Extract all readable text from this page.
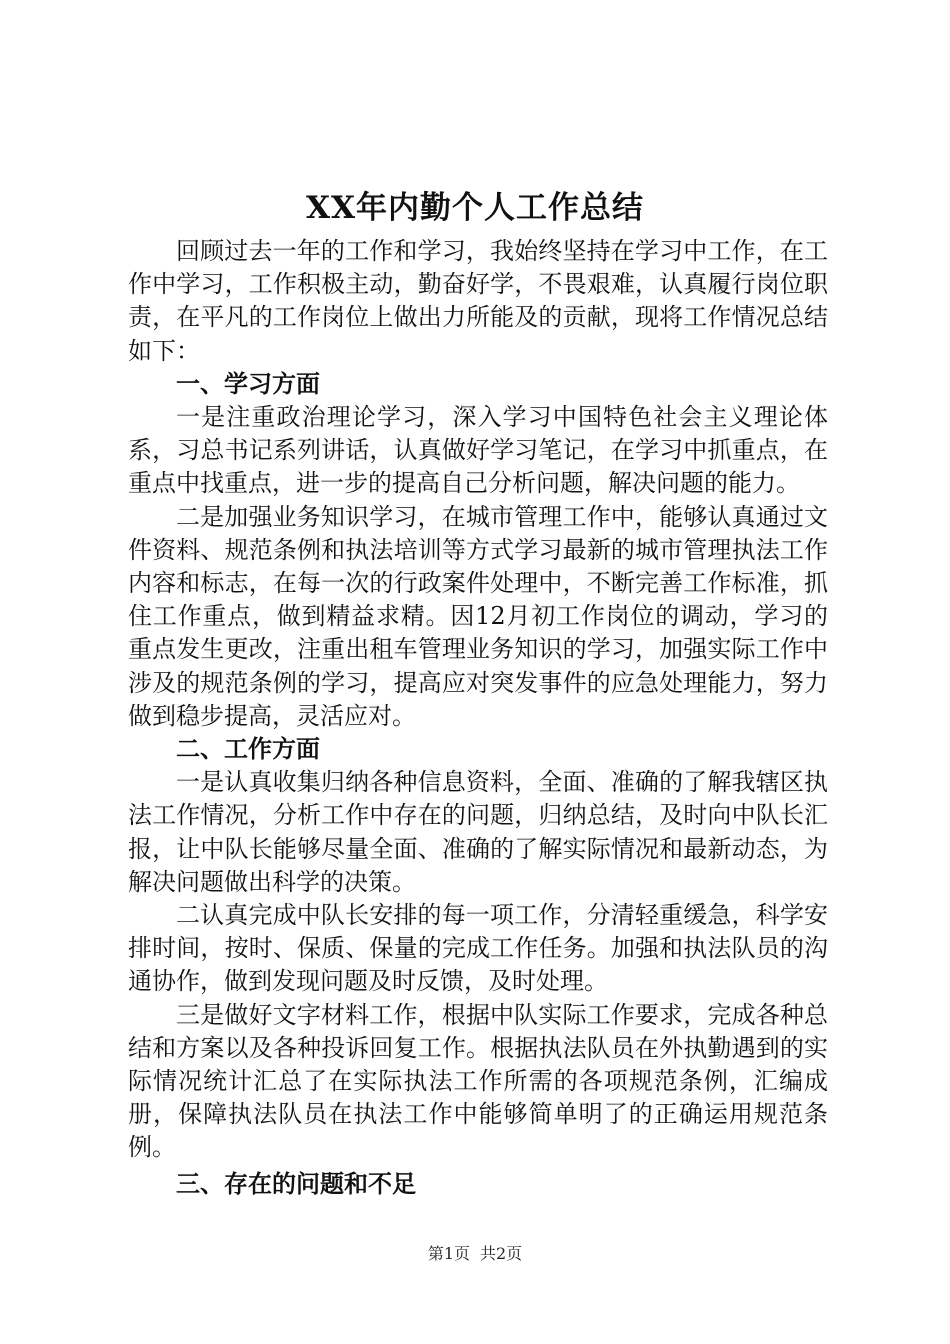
XX年内勤个人工作总结

回顾过去一年的工作和学习，我始终坚持在学习中工作，在工作中学习，工作积极主动，勤奋好学，不畏艰难，认真履行岗位职责，在平凡的工作岗位上做出力所能及的贡献，现将工作情况总结如下：

一、学习方面

一是注重政治理论学习，深入学习中国特色社会主义理论体系，习总书记系列讲话，认真做好学习笔记，在学习中抓重点，在重点中找重点，进一步的提高自己分析问题，解决问题的能力。

二是加强业务知识学习，在城市管理工作中，能够认真通过文件资料、规范条例和执法培训等方式学习最新的城市管理执法工作内容和标志，在每一次的行政案件处理中，不断完善工作标准，抓住工作重点，做到精益求精。因12月初工作岗位的调动，学习的重点发生更改，注重出租车管理业务知识的学习，加强实际工作中涉及的规范条例的学习，提高应对突发事件的应急处理能力，努力做到稳步提高，灵活应对。

二、工作方面

一是认真收集归纳各种信息资料，全面、准确的了解我辖区执法工作情况，分析工作中存在的问题，归纳总结，及时向中队长汇报，让中队长能够尽量全面、准确的了解实际情况和最新动态，为解决问题做出科学的决策。

二认真完成中队长安排的每一项工作，分清轻重缓急，科学安排时间，按时、保质、保量的完成工作任务。加强和执法队员的沟通协作，做到发现问题及时反馈，及时处理。

三是做好文字材料工作，根据中队实际工作要求，完成各种总结和方案以及各种投诉回复工作。根据执法队员在外执勤遇到的实际情况统计汇总了在实际执法工作所需的各项规范条例，汇编成册，保障执法队员在执法工作中能够简单明了的正确运用规范条例。

三、存在的问题和不足

第1页 共2页
